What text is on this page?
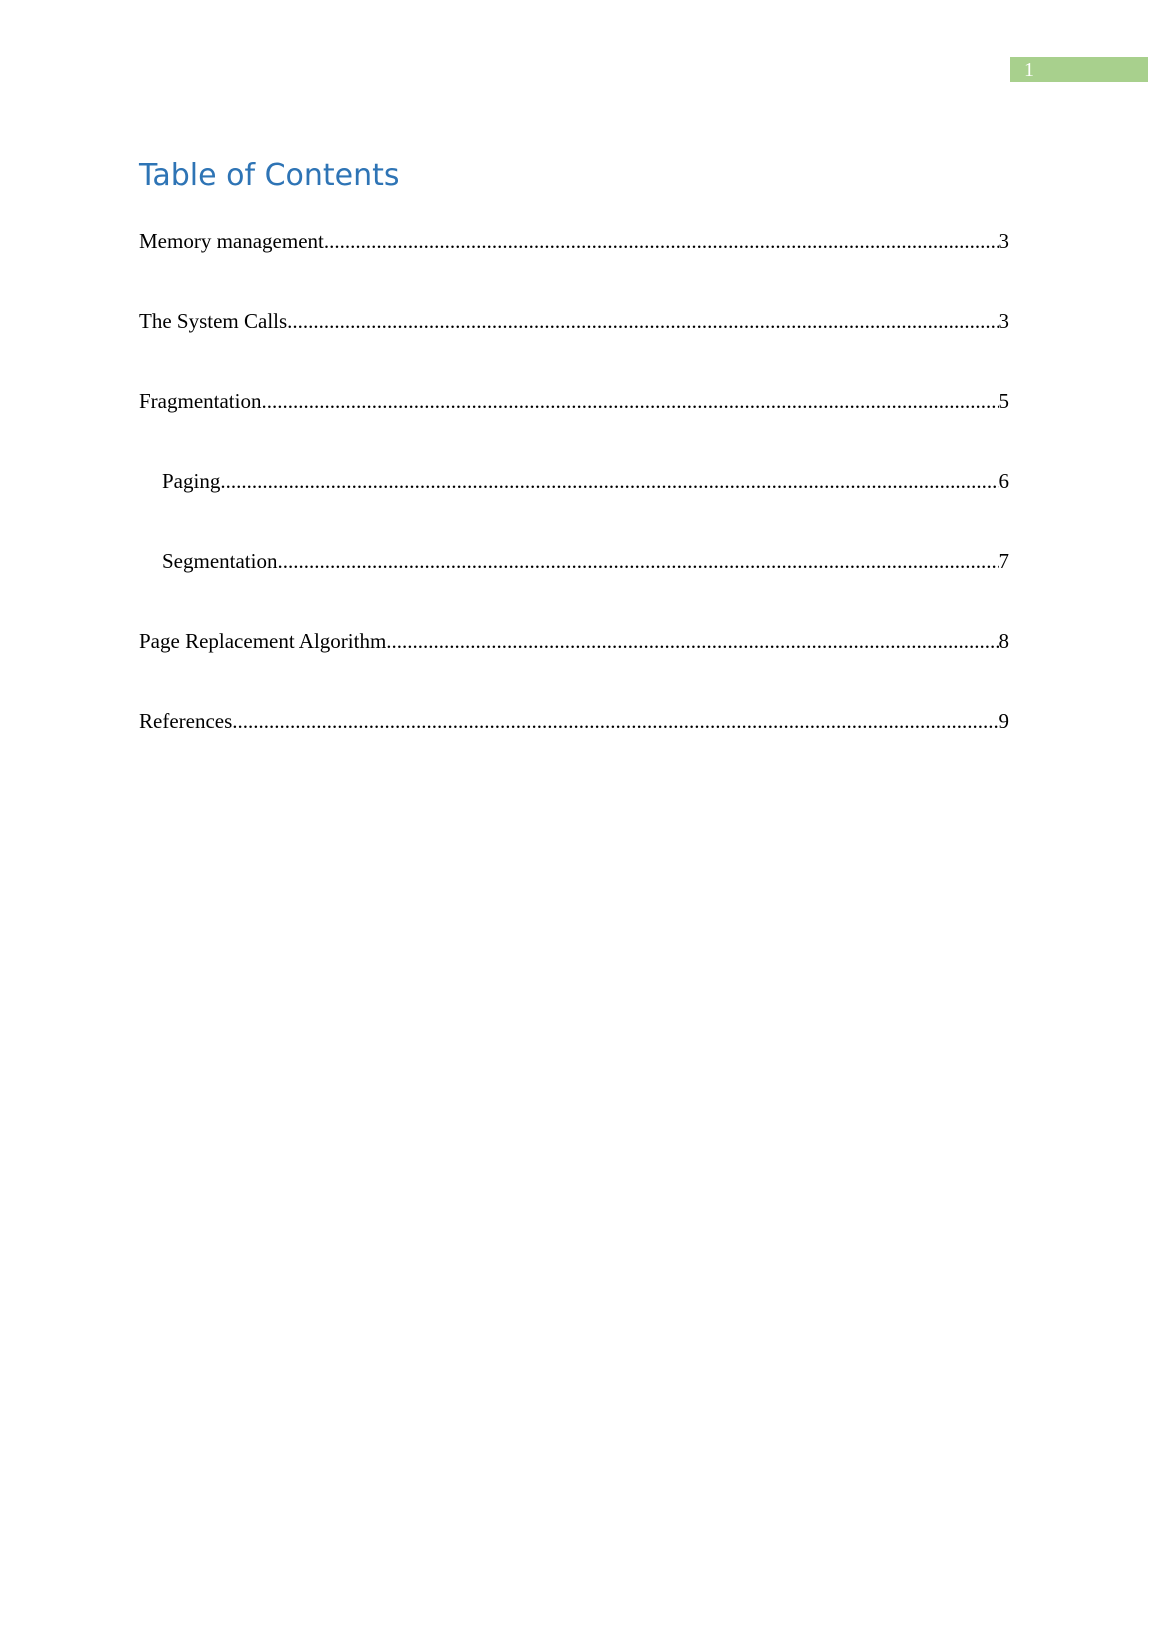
1
Table of Contents
Memory management .....	3
The System Calls .....	3
Fragmentation .....	5
Paging .....	6
Segmentation .....	7
Page Replacement Algorithm .....	8
References .....	9
